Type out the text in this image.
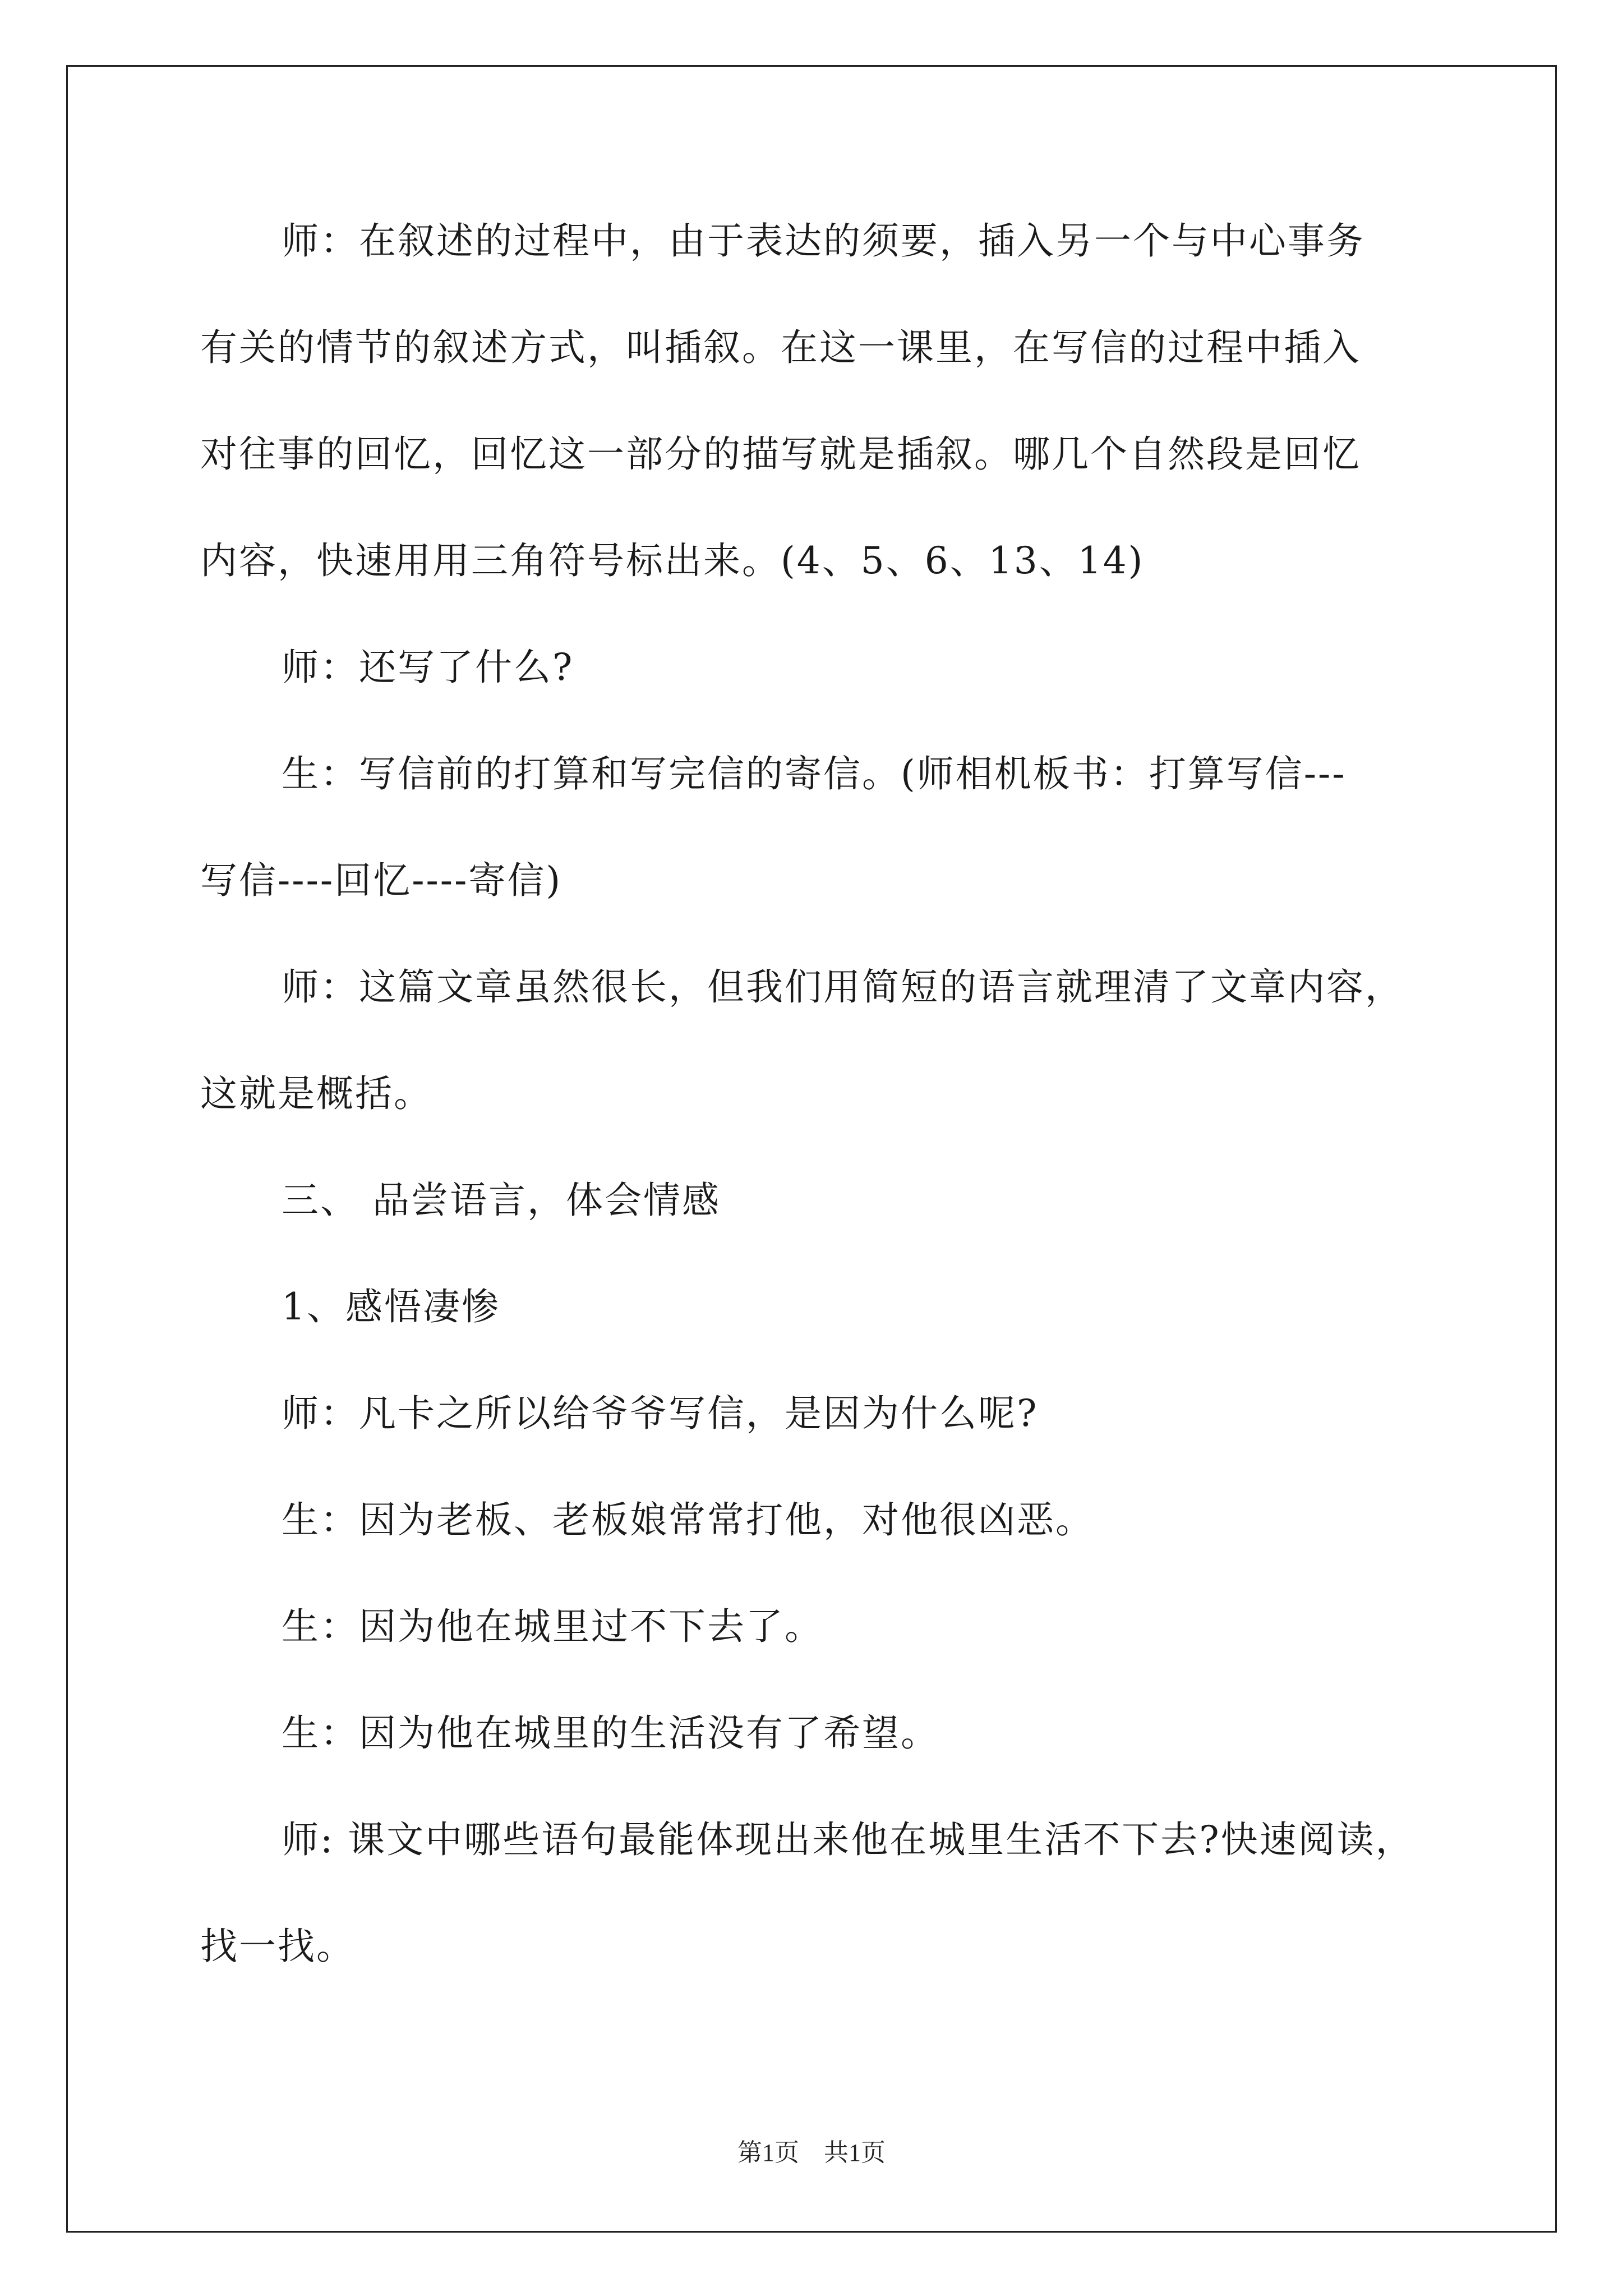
师：在叙述的过程中，由于表达的须要，插入另一个与中心事务
有关的情节的叙述方式，叫插叙。在这一课里，在写信的过程中插入
对往事的回忆，回忆这一部分的描写就是插叙。哪几个自然段是回忆
内容，快速用用三角符号标出来。(4、5、6、13、14)
师：还写了什么?
生：写信前的打算和写完信的寄信。(师相机板书：打算写信---
写信----回忆----寄信)
师：这篇文章虽然很长，但我们用简短的语言就理清了文章内容，
这就是概括。
三、 品尝语言，体会情感
1、感悟凄惨
师：凡卡之所以给爷爷写信，是因为什么呢?
生：因为老板、老板娘常常打他，对他很凶恶。
生：因为他在城里过不下去了。
生：因为他在城里的生活没有了希望。
师: 课文中哪些语句最能体现出来他在城里生活不下去?快速阅读，
找一找。
第1页　共1页
